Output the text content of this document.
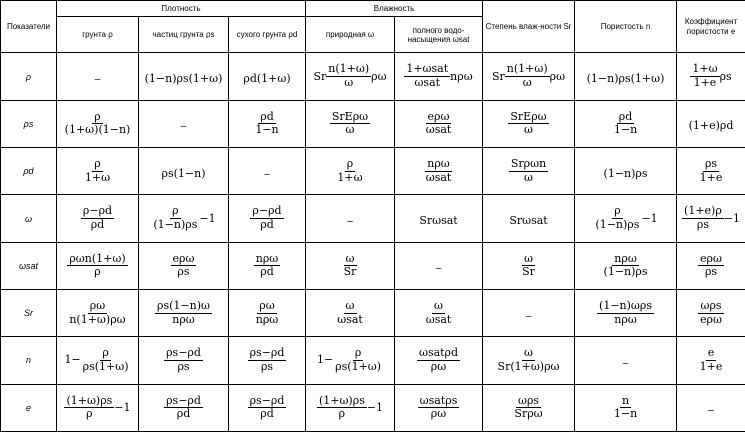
Показатели	Плотность			Влажность		Степень влаж-ности Sr	Пористость n	Коэффициент пористости e
	грунта ρ	частиц грунта ρs	сухого грунта ρd	природная ω	полного водо-насыщения ωsat			
ρ	–	(1−n)ρs(1+ω)	ρd(1+ω)	Sr $\frac{n(1+\omega)}{\omega}$ ρω	$\frac{\text{1+ωsat}}{\text{ωsat}}$ nρω	Sr $\frac{n(1+\omega)}{\omega}$ ρω	(1−n)ρs(1+ω)	$\frac{1+\omega}{1+e}$ ρs
ρs	$\frac{\rho}{(1+\omega)(1-n)}$	–	$\frac{\rho d}{1-n}$	$\frac{\text{SrEρω}}{\omega}$	$\frac{\text{eρω}}{\text{ωsat}}$	$\frac{\text{SrEρω}}{\omega}$	$\frac{\rho d}{1-n}$	(1+e)ρd
ρd	$\frac{\rho}{1+\omega}$	ρs(1−n)	–	$\frac{\rho}{1+\omega}$	$\frac{\text{nρω}}{\text{ωsat}}$	$\frac{\text{Srρωn}}{\omega}$	(1−n)ρs	$\frac{\rho s}{1+e}$

ω	$\frac{\rho-\rho d}{\rho d}$	$\frac{\rho}{(1-n)\rho s} -1$	$\frac{\rho-\rho d}{\rho d}$	–	Srωsat	Srωsat	$\frac{\rho}{(1-n)\rho s} -1$	$\frac{(1+e)\rho}{\rho s} -1$
ωsat	$\frac{\text{ρωn(1+ω)}}{\rho}$	$\frac{\text{eρω}}{\rho s}$	$\frac{\text{nρω}}{\rho d}$	$\frac{\omega}{Sr}$	–	$\frac{\omega}{Sr}$	$\frac{\text{nρω}}{(1-n)\rho s}$	$\frac{\text{eρω}}{\rho s}$

Sr	$\frac{\rho\omega}{n(1+\omega)\rho\omega}$	$\frac{\rho s(1-n)\omega}{\text{nρω}}$	$\frac{\rho\omega}{\text{nρω}}$	$\frac{\omega}{\text{ωsat}}$	$\frac{\omega}{\text{ωsat}}$	–	$\frac{\text{(1−n)ωρs}}{\text{nρω}}$	$\frac{\text{ωρs}}{\text{eρω}}$

n	$1- \frac{\rho}{\rho s(1+\omega)}$	$\frac{\rho s-\rho d}{\rho s}$	$\frac{\rho s-\rho d}{\rho s}$	$1- \frac{\rho}{\rho s(1+\omega)}$	$\frac{\text{ωsatρd}}{\rho\omega}$	$\frac{\omega}{Sr(1+\omega)\rho\omega}$	–	$\frac{e}{1+e}$

e	$\frac{(1+\omega)\rho s}{\rho} -1$	$\frac{\rho s-\rho d}{\rho d}$	$\frac{\rho s-\rho d}{\rho d}$	$\frac{(1+\omega)\rho s}{\rho} -1$	$\frac{\text{ωsatρs}}{\rho\omega}$	$\frac{\text{ωρs}}{\text{Srρω}}$	$\frac{n}{1-n}$	–
